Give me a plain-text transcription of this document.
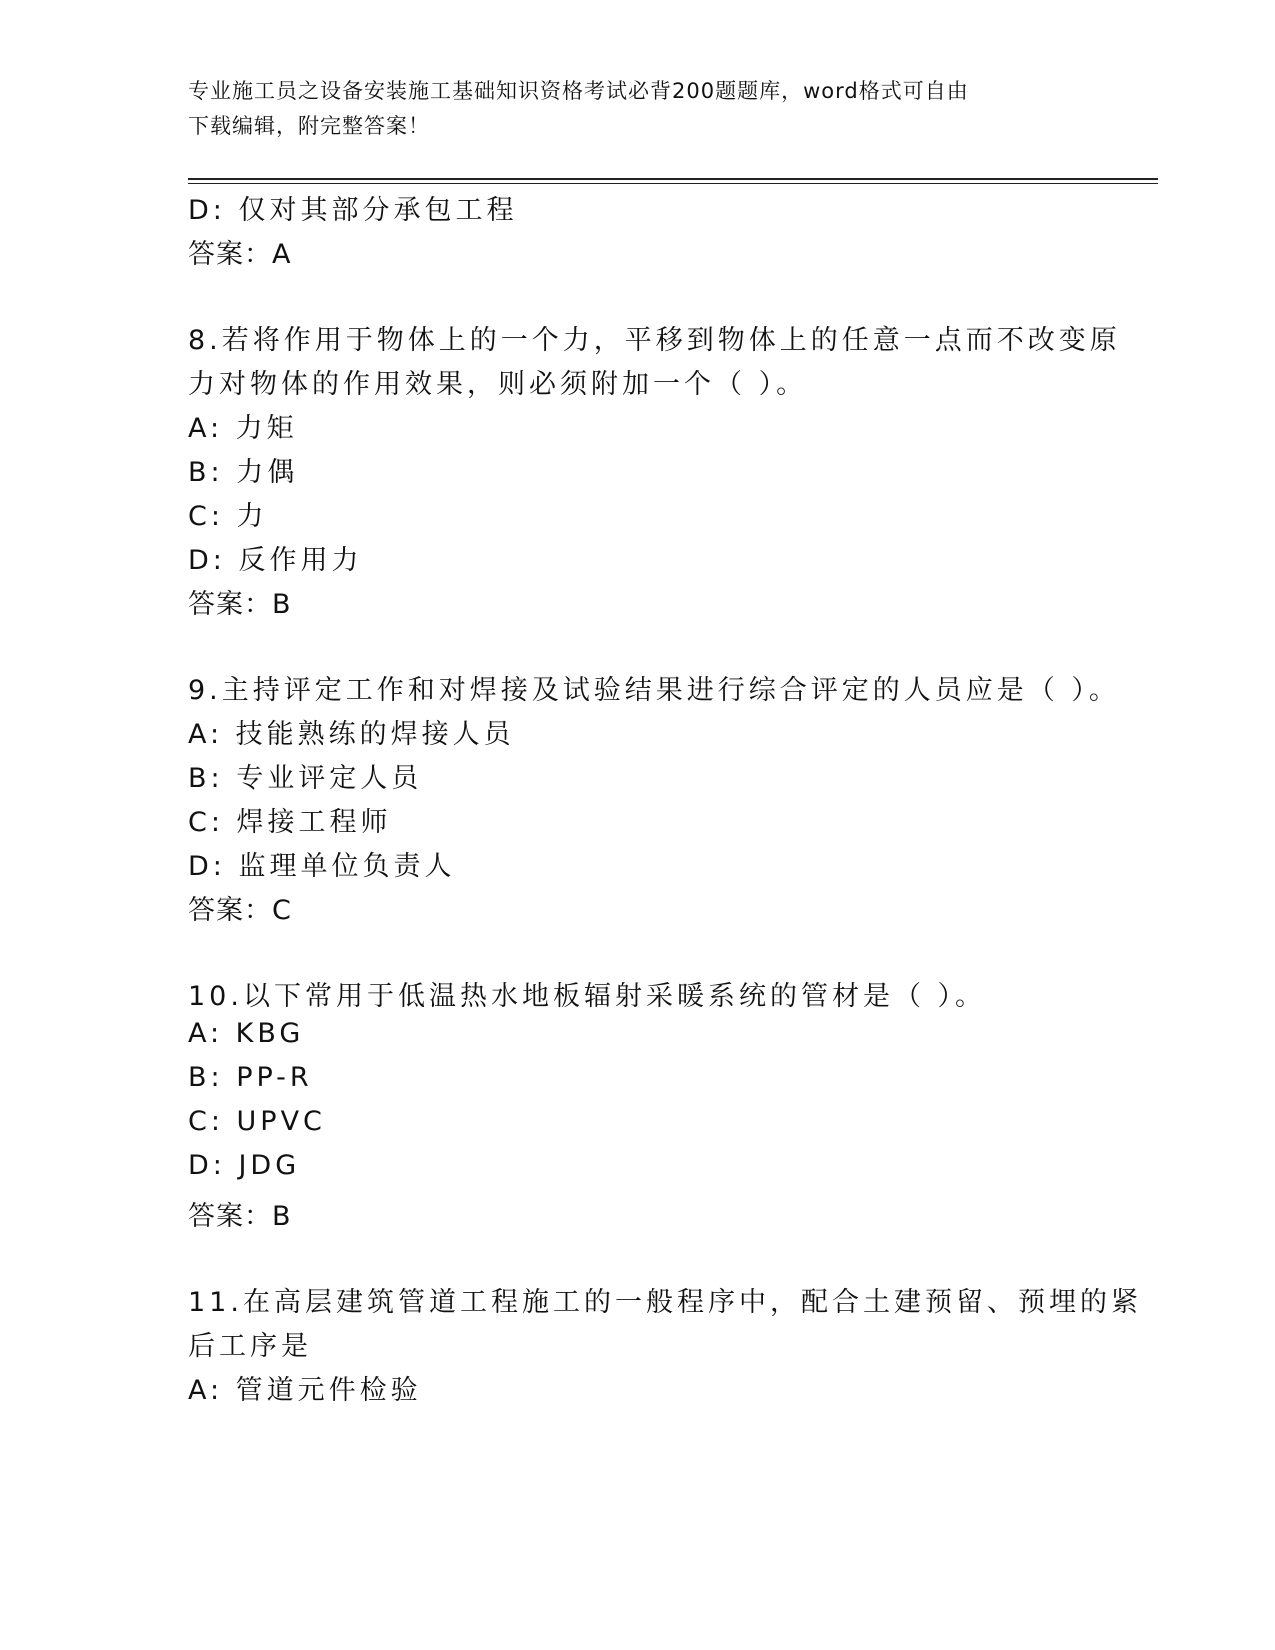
专业施工员之设备安装施工基础知识资格考试必背200题题库，word格式可自由
下载编辑，附完整答案！
D: 仅对其部分承包工程
答案：A
8.若将作用于物体上的一个力，平移到物体上的任意一点而不改变原
力对物体的作用效果，则必须附加一个（ ）。
A: 力矩
B: 力偶
C: 力
D: 反作用力
答案：B
9.主持评定工作和对焊接及试验结果进行综合评定的人员应是（ ）。
A: 技能熟练的焊接人员
B: 专业评定人员
C: 焊接工程师
D: 监理单位负责人
答案：C
10.以下常用于低温热水地板辐射采暖系统的管材是（ ）。
A: KBG
B: PP-R
C: UPVC
D: JDG
答案：B
11.在高层建筑管道工程施工的一般程序中，配合土建预留、预埋的紧
后工序是
A: 管道元件检验
